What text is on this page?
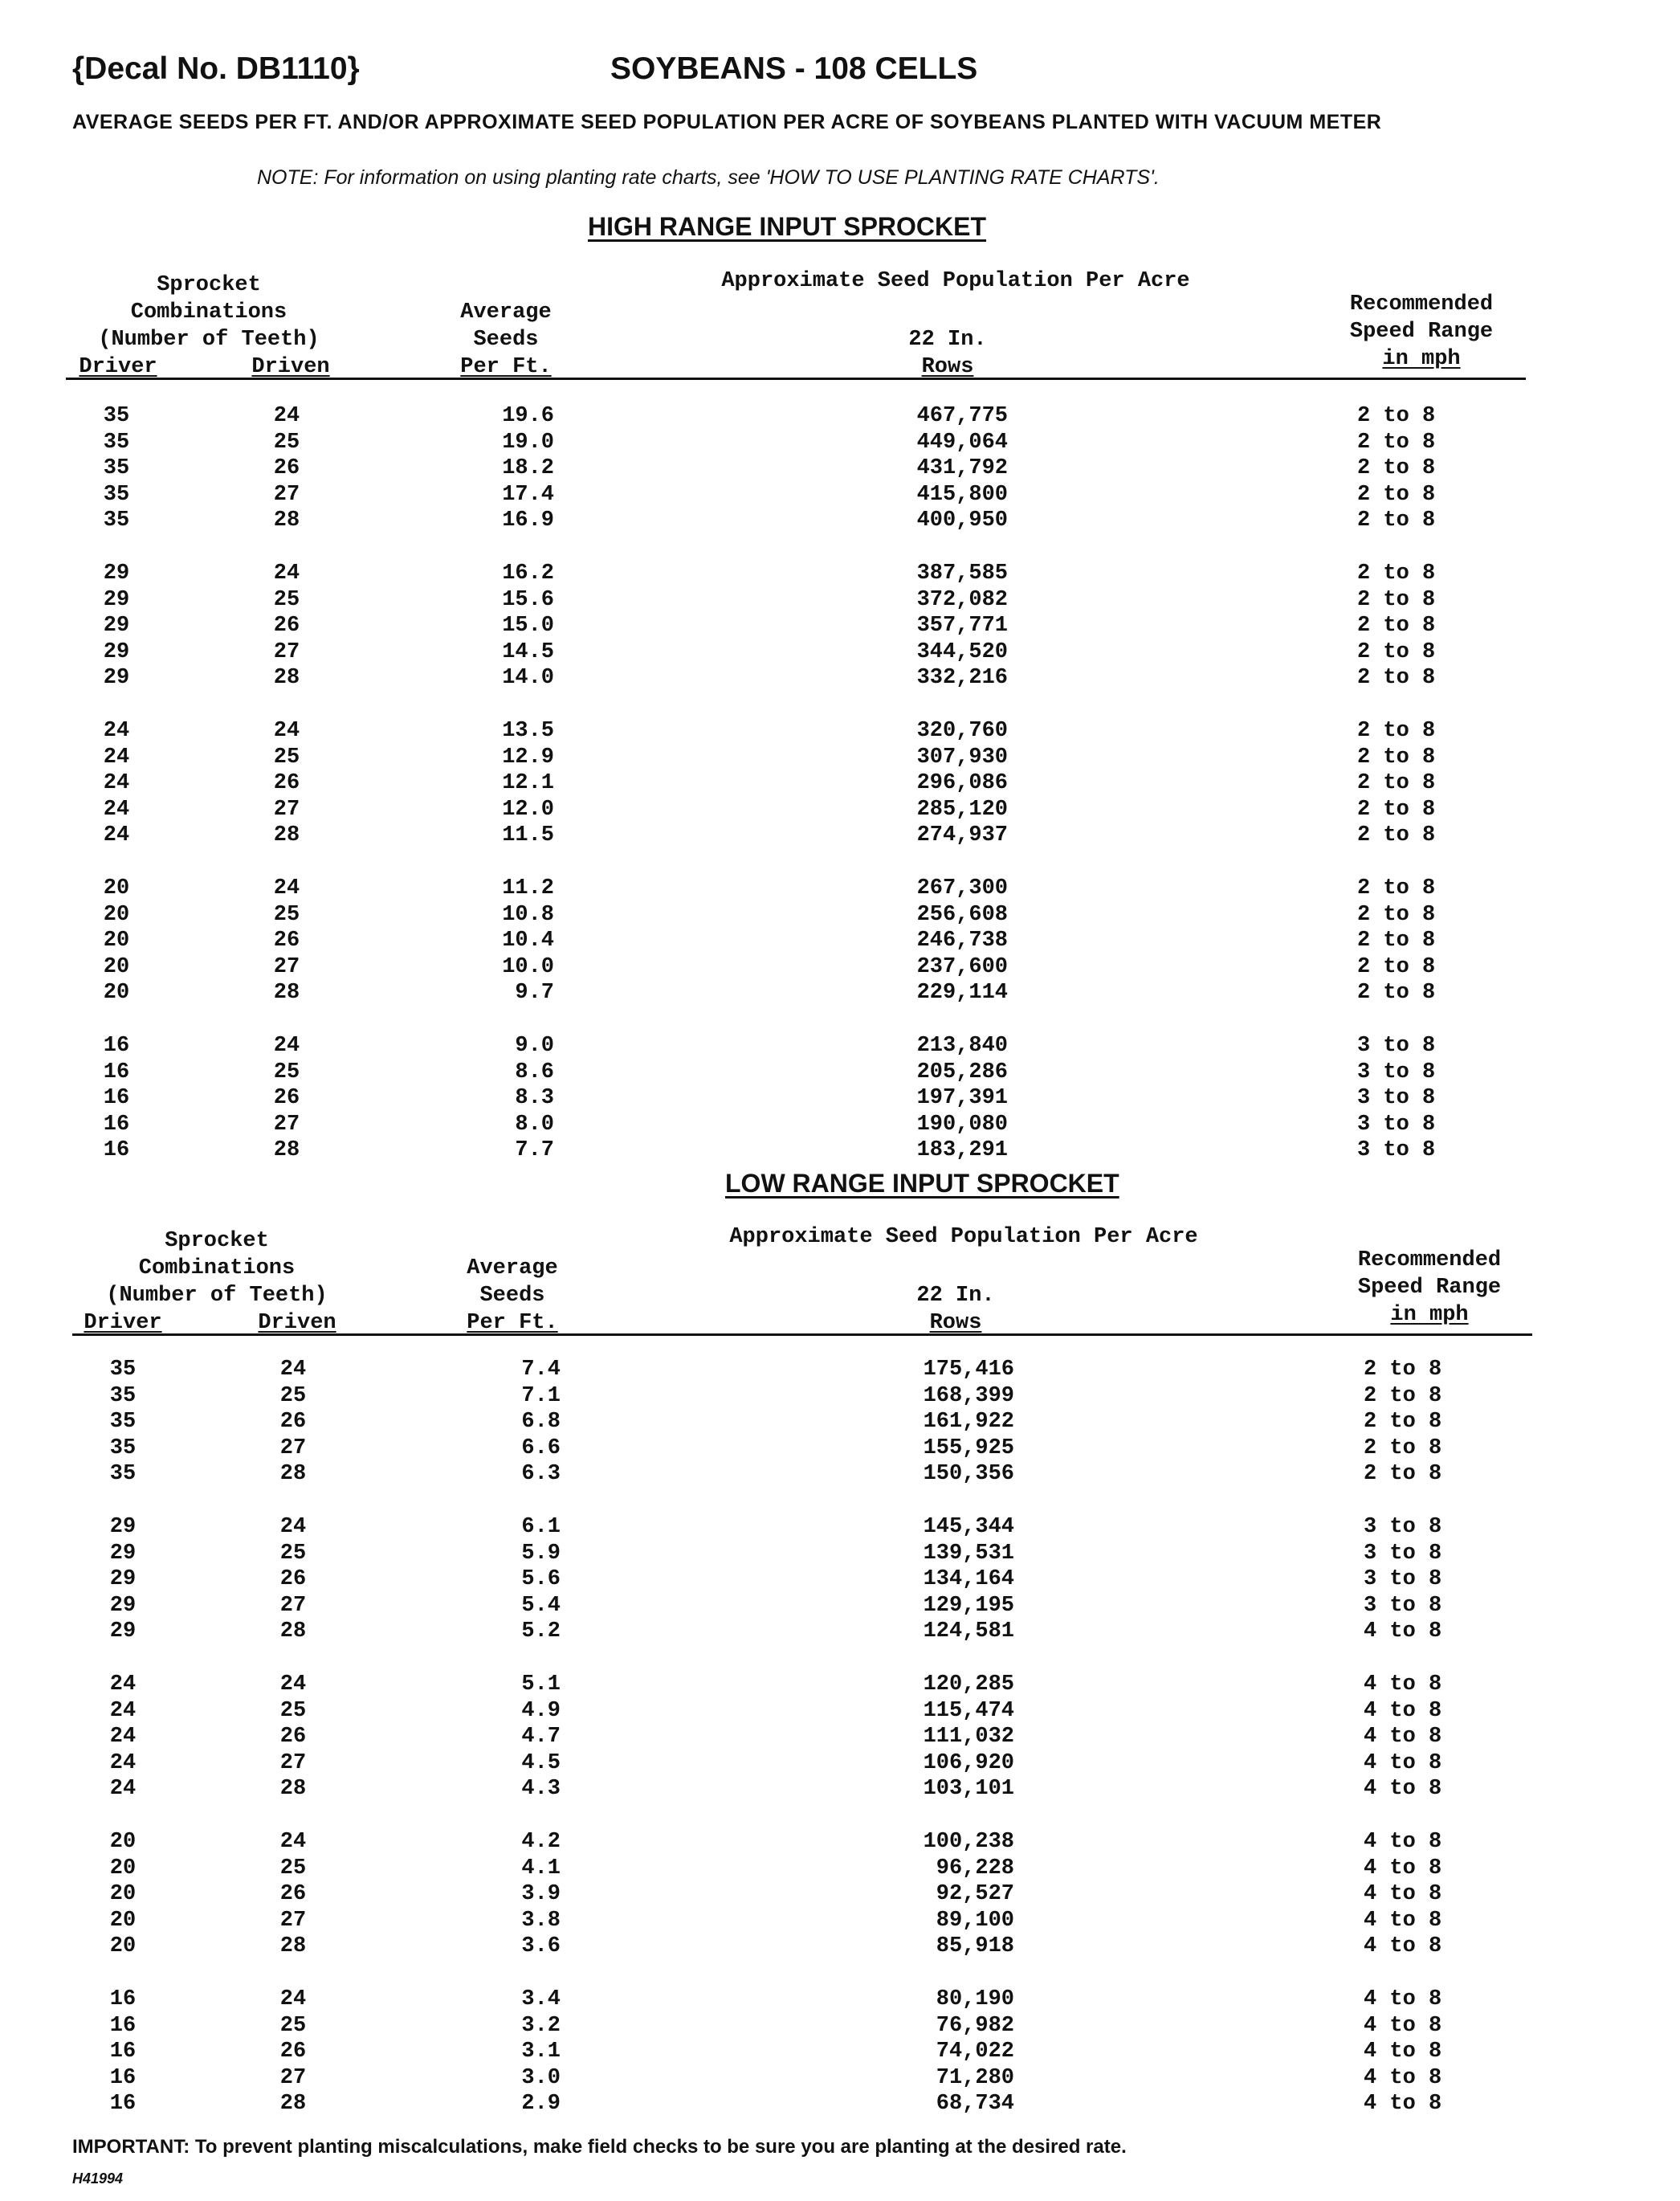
{Decal No. DB1110}	SOYBEANS - 108 CELLS
AVERAGE SEEDS PER FT. AND/OR APPROXIMATE SEED POPULATION PER ACRE OF SOYBEANS PLANTED WITH VACUUM METER
NOTE: For information on using planting rate charts, see 'HOW TO USE PLANTING RATE CHARTS'.
HIGH RANGE INPUT SPROCKET
Sprocket
Combinations
(Number of Teeth)
Driver	Driven
Average
Seeds
Per Ft.
Approximate Seed Population Per Acre
22 In.
Rows
Recommended
Speed Range
in mph
35	24	19.6	467,775	2 to 8
35	25	19.0	449,064	2 to 8
35	26	18.2	431,792	2 to 8
35	27	17.4	415,800	2 to 8
35	28	16.9	400,950	2 to 8
29	24	16.2	387,585	2 to 8
29	25	15.6	372,082	2 to 8
29	26	15.0	357,771	2 to 8
29	27	14.5	344,520	2 to 8
29	28	14.0	332,216	2 to 8
24	24	13.5	320,760	2 to 8
24	25	12.9	307,930	2 to 8
24	26	12.1	296,086	2 to 8
24	27	12.0	285,120	2 to 8
24	28	11.5	274,937	2 to 8
20	24	11.2	267,300	2 to 8
20	25	10.8	256,608	2 to 8
20	26	10.4	246,738	2 to 8
20	27	10.0	237,600	2 to 8
20	28	9.7	229,114	2 to 8
16	24	9.0	213,840	3 to 8
16	25	8.6	205,286	3 to 8
16	26	8.3	197,391	3 to 8
16	27	8.0	190,080	3 to 8
16	28	7.7	183,291	3 to 8
LOW RANGE INPUT SPROCKET
Sprocket
Combinations
(Number of Teeth)
Driver	Driven
Average
Seeds
Per Ft.
Approximate Seed Population Per Acre
22 In.
Rows
Recommended
Speed Range
in mph
35	24	7.4	175,416	2 to 8
35	25	7.1	168,399	2 to 8
35	26	6.8	161,922	2 to 8
35	27	6.6	155,925	2 to 8
35	28	6.3	150,356	2 to 8
29	24	6.1	145,344	3 to 8
29	25	5.9	139,531	3 to 8
29	26	5.6	134,164	3 to 8
29	27	5.4	129,195	3 to 8
29	28	5.2	124,581	4 to 8
24	24	5.1	120,285	4 to 8
24	25	4.9	115,474	4 to 8
24	26	4.7	111,032	4 to 8
24	27	4.5	106,920	4 to 8
24	28	4.3	103,101	4 to 8
20	24	4.2	100,238	4 to 8
20	25	4.1	96,228	4 to 8
20	26	3.9	92,527	4 to 8
20	27	3.8	89,100	4 to 8
20	28	3.6	85,918	4 to 8
16	24	3.4	80,190	4 to 8
16	25	3.2	76,982	4 to 8
16	26	3.1	74,022	4 to 8
16	27	3.0	71,280	4 to 8
16	28	2.9	68,734	4 to 8
IMPORTANT: To prevent planting miscalculations, make field checks to be sure you are planting at the desired rate.
H41994
